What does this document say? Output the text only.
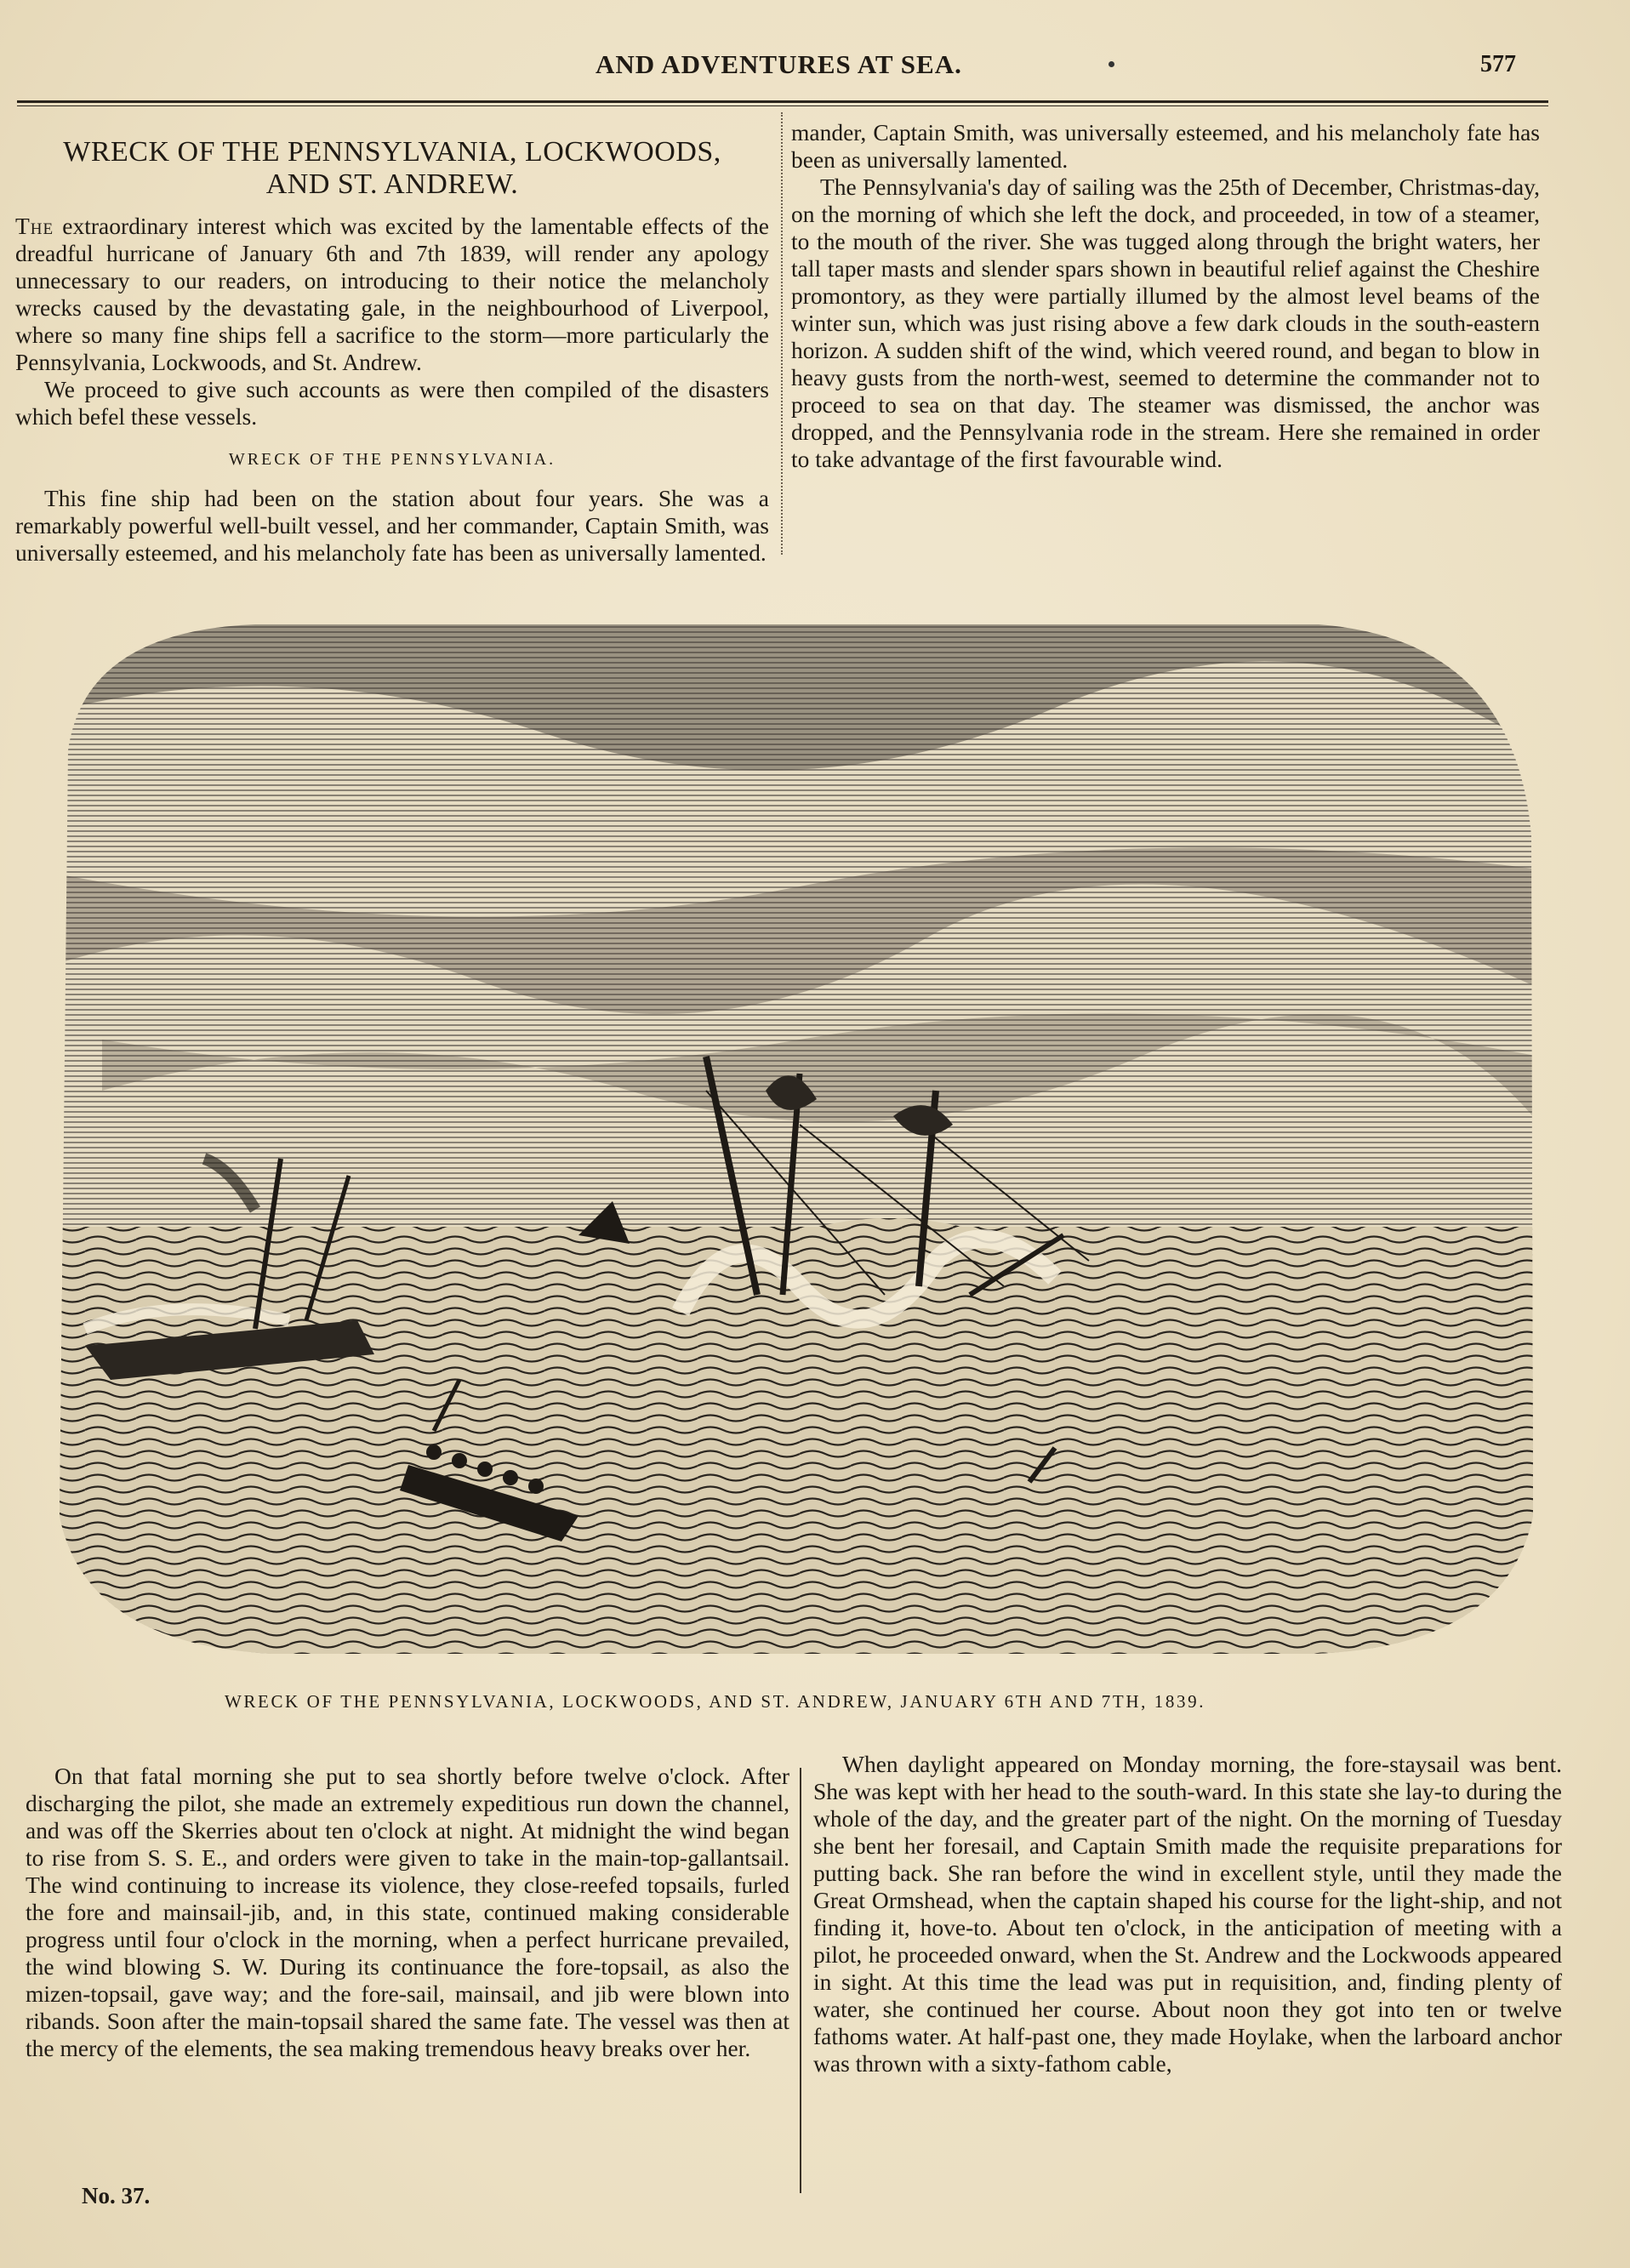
AND ADVENTURES AT SEA.	577
WRECK OF THE PENNSYLVANIA, LOCKWOODS,
AND ST. ANDREW.

The extraordinary interest which was excited by the lamentable effects of the dreadful hurricane of January 6th and 7th 1839, will render any apology unnecessary to our readers, on introducing to their notice the melancholy wrecks caused by the devastating gale, in the neighbourhood of Liverpool, where so many fine ships fell a sacrifice to the storm—more particularly the Pennsylvania, Lockwoods, and St. Andrew.

We proceed to give such accounts as were then compiled of the disasters which befel these vessels.

WRECK OF THE PENNSYLVANIA.

This fine ship had been on the station about four years. She was a remarkably powerful well-built vessel, and her commander, Captain Smith, was universally esteemed, and his melancholy fate has been as universally lamented.

mander, Captain Smith, was universally esteemed, and his melancholy fate has been as universally lamented.

The Pennsylvania's day of sailing was the 25th of December, Christmas-day, on the morning of which she left the dock, and proceeded, in tow of a steamer, to the mouth of the river. She was tugged along through the bright waters, her tall taper masts and slender spars shown in beautiful relief against the Cheshire promontory, as they were partially illumed by the almost level beams of the winter sun, which was just rising above a few dark clouds in the south-eastern horizon. A sudden shift of the wind, which veered round, and began to blow in heavy gusts from the north-west, seemed to determine the commander not to proceed to sea on that day. The steamer was dismissed, the anchor was dropped, and the Pennsylvania rode in the stream. Here she remained in order to take advantage of the first favourable wind.

WRECK OF THE PENNSYLVANIA, LOCKWOODS, AND ST. ANDREW, JANUARY 6TH AND 7TH, 1839.

On that fatal morning she put to sea shortly before twelve o'clock. After discharging the pilot, she made an extremely expeditious run down the channel, and was off the Skerries about ten o'clock at night. At midnight the wind began to rise from S. S. E., and orders were given to take in the main-top-gallantsail. The wind continuing to increase its violence, they close-reefed topsails, furled the fore and mainsail-jib, and, in this state, continued making considerable progress until four o'clock in the morning, when a perfect hurricane prevailed, the wind blowing S. W. During its continuance the fore-topsail, as also the mizen-topsail, gave way; and the fore-sail, mainsail, and jib were blown into ribands. Soon after the main-topsail shared the same fate. The vessel was then at the mercy of the elements, the sea making tremendous heavy breaks over her.

When daylight appeared on Monday morning, the fore-staysail was bent. She was kept with her head to the south-ward. In this state she lay-to during the whole of the day, and the greater part of the night. On the morning of Tuesday she bent her foresail, and Captain Smith made the requisite preparations for putting back. She ran before the wind in excellent style, until they made the Great Ormshead, when the captain shaped his course for the light-ship, and not finding it, hove-to. About ten o'clock, in the anticipation of meeting with a pilot, he proceeded onward, when the St. Andrew and the Lockwoods appeared in sight. At this time the lead was put in requisition, and, finding plenty of water, she continued her course. About noon they got into ten or twelve fathoms water. At half-past one, they made Hoylake, when the larboard anchor was thrown with a sixty-fathom cable,

No. 37.
